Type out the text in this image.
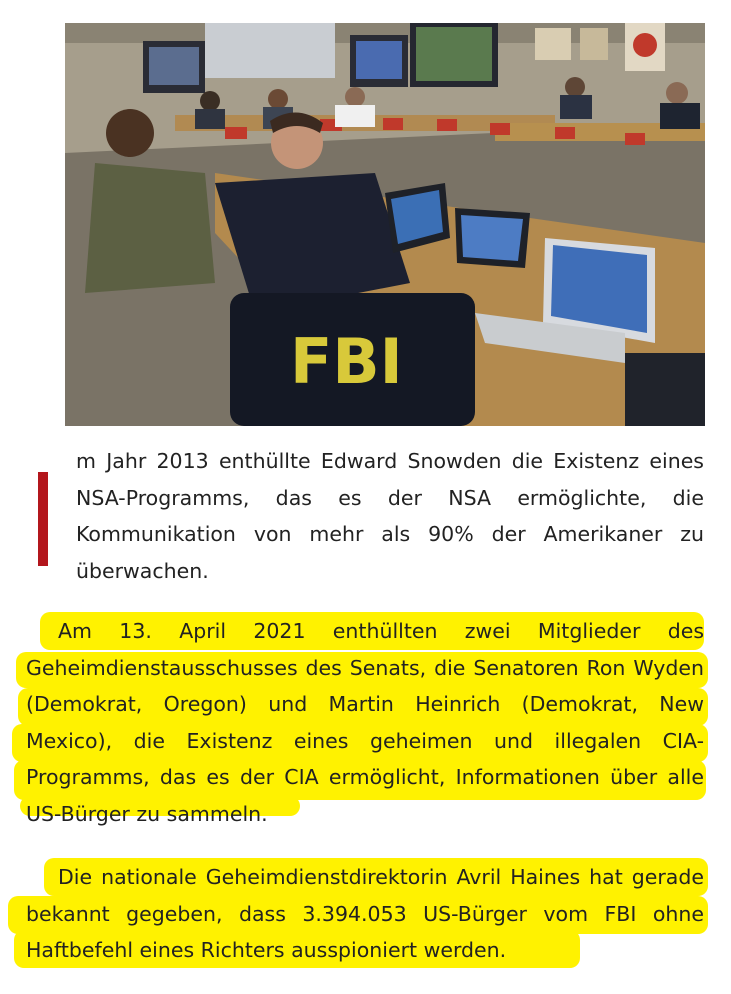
FBI

m Jahr 2013 enthüllte Edward Snowden die Existenz eines NSA-Programms, das es der NSA ermöglichte, die Kommunikation von mehr als 90% der Amerikaner zu überwachen.

Am 13. April 2021 enthüllten zwei Mitglieder des Geheimdienstausschusses des Senats, die Senatoren Ron Wyden (Demokrat, Oregon) und Martin Heinrich (Demokrat, New Mexico), die Existenz eines geheimen und illegalen CIA-Programms, das es der CIA ermöglicht, Informationen über alle US-Bürger zu sammeln.

Die nationale Geheimdienstdirektorin Avril Haines hat gerade bekannt gegeben, dass 3.394.053 US-Bürger vom FBI ohne Haftbefehl eines Richters ausspioniert werden.
